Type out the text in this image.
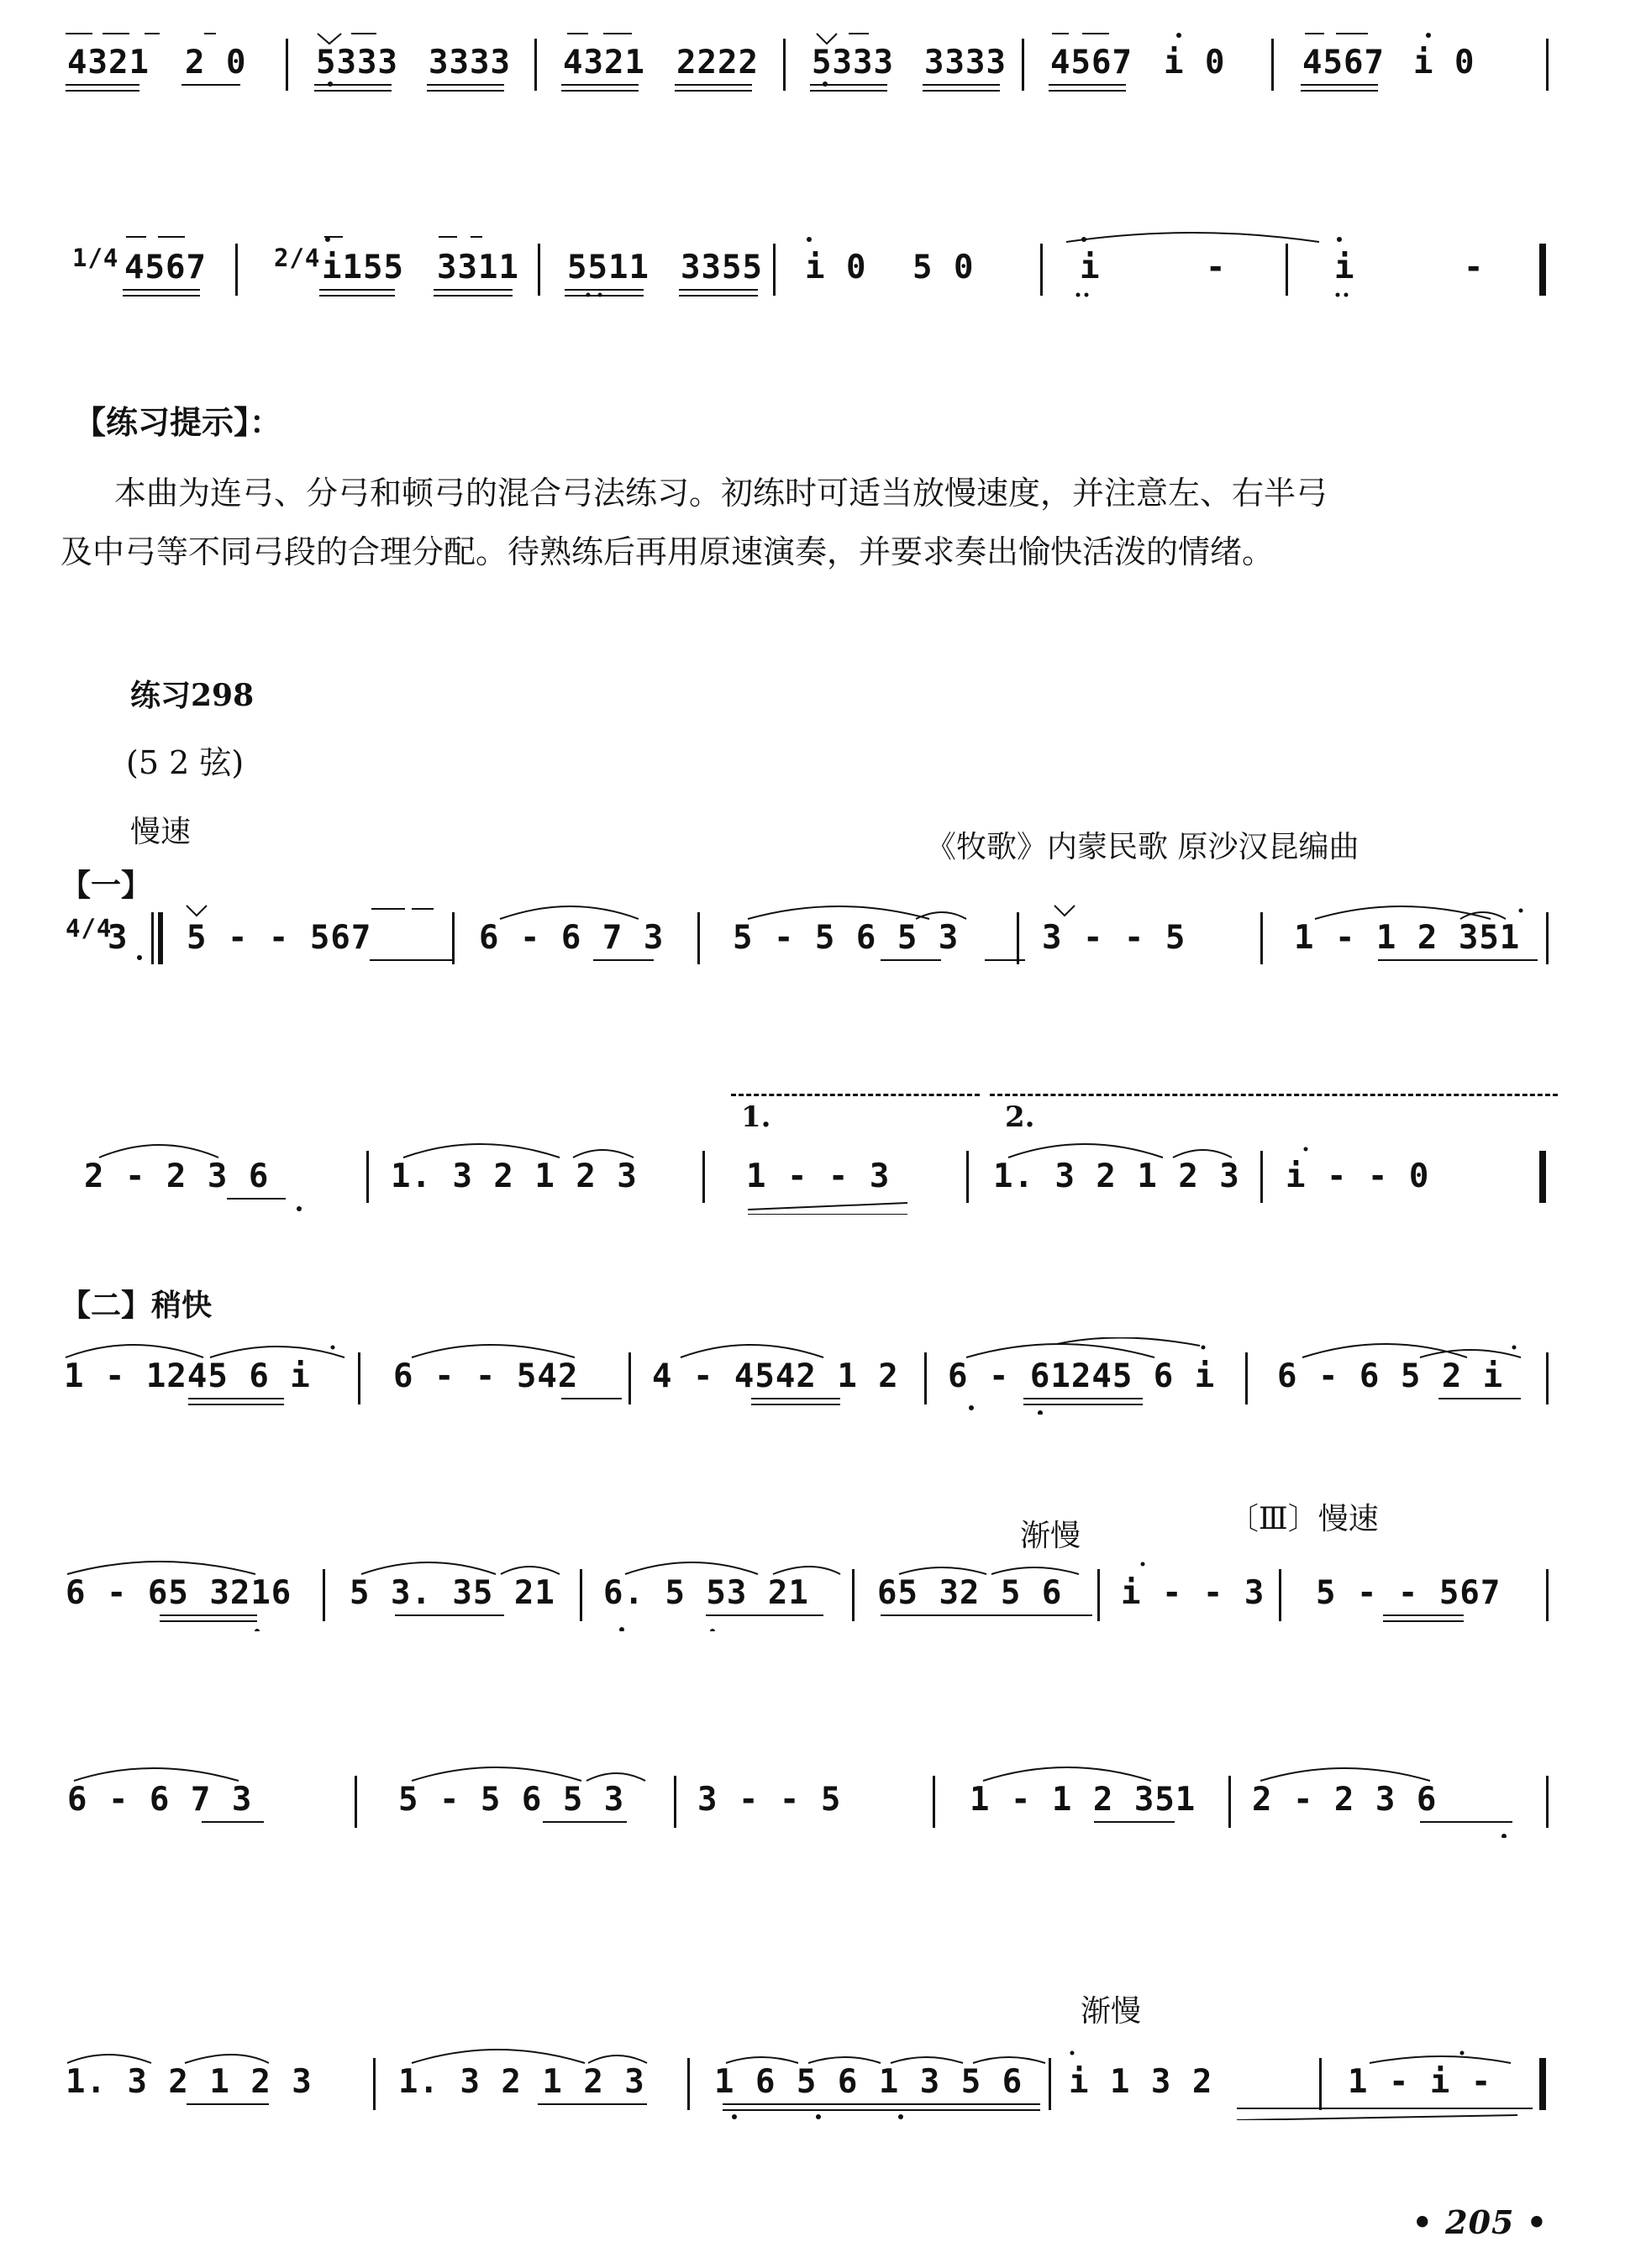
4321 2 0 5333 3333 4321 2222 5333 3333 4567 i 0 4567 i 0
1/4 4567	2/4 i155 3311 5511 3355 i 0 5 0	i	-	i	-
【练习提示】：
本曲为连弓、分弓和顿弓的混合弓法练习。初练时可适当放慢速度，并注意左、右半弓
及中弓等不同弓段的合理分配。待熟练后再用原速演奏，并要求奏出愉快活泼的情绪。
练习298
(5 2 弦)
慢速	《牧歌》内蒙民歌 原沙汉昆编曲
【一】
4/4
3 5 - - 567	6 - 6 7 3 5 - 5 6 5 3	3 - - 5	1 - 1 2 351
1.	2.
2 - 2 3 6	1. 3 2 1 2 3	1 - - 3	1. 3 2 1 2 3 i - - 0
【二】稍快
1 - 1245 6 i	6 - - 542 4 - 4542 1 2 6 - 61245 6 i 6 - 6 5 2 i
渐慢	〔Ⅲ〕慢速
6 - 65 3216 5 3. 35 21 6. 5 53 21 65 32 5 6 i - - 3 5 - - 567
6 - 6 7 3	5 - 5 6 5 3 3 - - 5	1 - 1 2 351 2 - 2 3 6
渐慢
1. 3 2 1 2 3	1. 3 2 1 2 3 1 6 5 6 1 3 5 6 i 1 3 2	1 - i -
• 205 •
